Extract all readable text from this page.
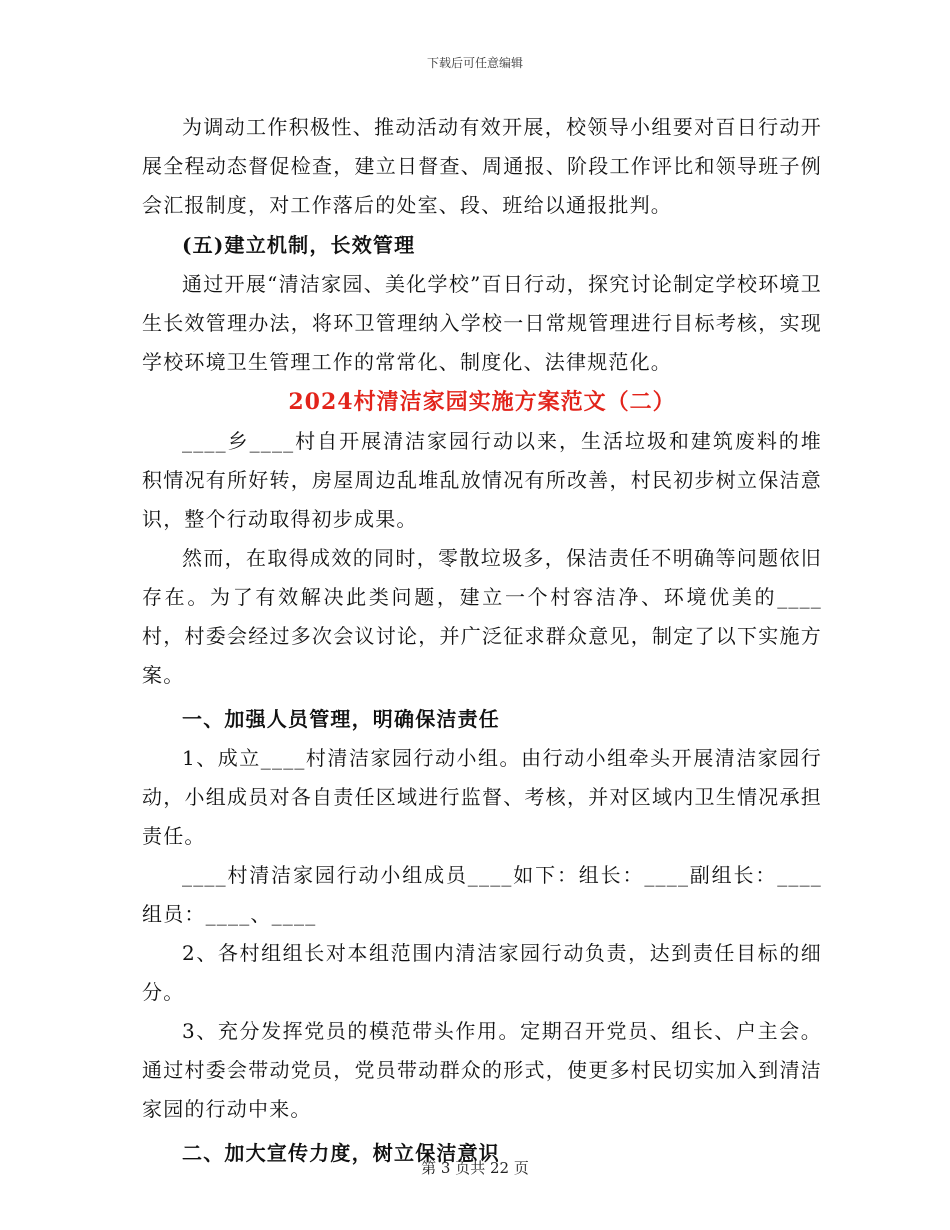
下载后可任意编辑

为调动工作积极性、推动活动有效开展，校领导小组要对百日行动开展全程动态督促检查，建立日督查、周通报、阶段工作评比和领导班子例会汇报制度，对工作落后的处室、段、班给以通报批判。

(五)建立机制，长效管理

通过开展“清洁家园、美化学校”百日行动，探究讨论制定学校环境卫生长效管理办法，将环卫管理纳入学校一日常规管理进行目标考核，实现学校环境卫生管理工作的常常化、制度化、法律规范化。

2024村清洁家园实施方案范文（二）

____乡____村自开展清洁家园行动以来，生活垃圾和建筑废料的堆积情况有所好转，房屋周边乱堆乱放情况有所改善，村民初步树立保洁意识，整个行动取得初步成果。

然而，在取得成效的同时，零散垃圾多，保洁责任不明确等问题依旧存在。为了有效解决此类问题，建立一个村容洁净、环境优美的____村，村委会经过多次会议讨论，并广泛征求群众意见，制定了以下实施方案。

一、加强人员管理，明确保洁责任

1、成立____村清洁家园行动小组。由行动小组牵头开展清洁家园行动，小组成员对各自责任区域进行监督、考核，并对区域内卫生情况承担责任。

____村清洁家园行动小组成员____如下：组长：____副组长：____组员：____、____

2、各村组组长对本组范围内清洁家园行动负责，达到责任目标的细分。

3、充分发挥党员的模范带头作用。定期召开党员、组长、户主会。通过村委会带动党员，党员带动群众的形式，使更多村民切实加入到清洁家园的行动中来。

二、加大宣传力度，树立保洁意识

第 3 页共 22 页
